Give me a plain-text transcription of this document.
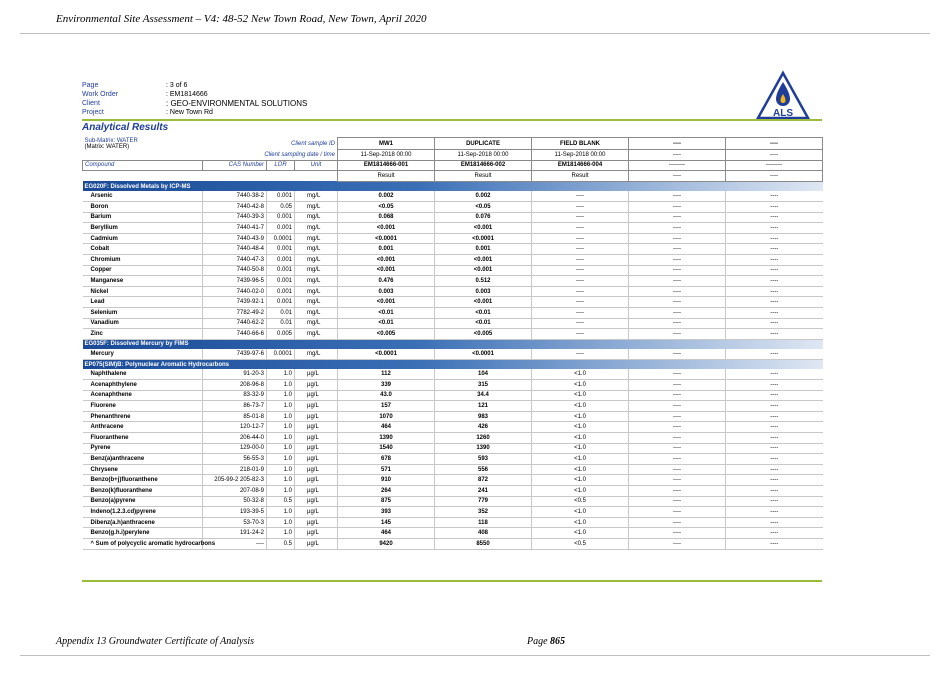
Environmental Site Assessment – V4: 48-52 New Town Road, New Town, April 2020
Page	: 3 of 6
Work Order	: EM1814666
Client	: GEO-ENVIRONMENTAL SOLUTIONS
Project	: New Town Rd	ALS
Analytical Results
Sub-Matrix: WATER
(Matrix: WATER)		Client sample ID		MW1	DUPLICATE	FIELD BLANK	----	----
Client sampling date / time				11-Sep-2018 00:00	11-Sep-2018 00:00	11-Sep-2018 00:00	----	----
Compound	CAS Number	LOR	Unit	EM1814666-001	EM1814666-002	EM1814666-004	--------	--------
				Result	Result	Result	----	----
EG020F: Dissolved Metals by ICP-MS								
Arsenic	7440-38-2	0.001	mg/L	0.002	0.002	----	----	----
Boron	7440-42-8	0.05	mg/L	<0.05	<0.05	----	----	----
Barium	7440-39-3	0.001	mg/L	0.068	0.076	----	----	----
Beryllium	7440-41-7	0.001	mg/L	<0.001	<0.001	----	----	----
Cadmium	7440-43-9	0.0001	mg/L	<0.0001	<0.0001	----	----	----
Cobalt	7440-48-4	0.001	mg/L	0.001	0.001	----	----	----
Chromium	7440-47-3	0.001	mg/L	<0.001	<0.001	----	----	----
Copper	7440-50-8	0.001	mg/L	<0.001	<0.001	----	----	----
Manganese	7439-96-5	0.001	mg/L	0.476	0.512	----	----	----
Nickel	7440-02-0	0.001	mg/L	0.003	0.003	----	----	----
Lead	7439-92-1	0.001	mg/L	<0.001	<0.001	----	----	----
Selenium	7782-49-2	0.01	mg/L	<0.01	<0.01	----	----	----
Vanadium	7440-62-2	0.01	mg/L	<0.01	<0.01	----	----	----
Zinc	7440-66-6	0.005	mg/L	<0.005	<0.005	----	----	----
EG035F: Dissolved Mercury by FIMS								
Mercury	7439-97-6	0.0001	mg/L	<0.0001	<0.0001	----	----	----
EP075(SIM)B: Polynuclear Aromatic Hydrocarbons								
Naphthalene	91-20-3	1.0	µg/L	112	104	<1.0	----	----
Acenaphthylene	208-96-8	1.0	µg/L	339	315	<1.0	----	----
Acenaphthene	83-32-9	1.0	µg/L	43.0	34.4	<1.0	----	----
Fluorene	86-73-7	1.0	µg/L	157	121	<1.0	----	----
Phenanthrene	85-01-8	1.0	µg/L	1070	983	<1.0	----	----
Anthracene	120-12-7	1.0	µg/L	464	426	<1.0	----	----
Fluoranthene	206-44-0	1.0	µg/L	1390	1260	<1.0	----	----
Pyrene	129-00-0	1.0	µg/L	1540	1390	<1.0	----	----
Benz(a)anthracene	56-55-3	1.0	µg/L	678	593	<1.0	----	----
Chrysene	218-01-9	1.0	µg/L	571	556	<1.0	----	----
Benzo(b+j)fluoranthene	205-99-2 205-82-3	1.0	µg/L	910	872	<1.0	----	----
Benzo(k)fluoranthene	207-08-9	1.0	µg/L	264	241	<1.0	----	----
Benzo(a)pyrene	50-32-8	0.5	µg/L	875	779	<0.5	----	----
Indeno(1.2.3.cd)pyrene	193-39-5	1.0	µg/L	393	352	<1.0	----	----
Dibenz(a.h)anthracene	53-70-3	1.0	µg/L	145	118	<1.0	----	----
Benzo(g.h.i)perylene	191-24-2	1.0	µg/L	464	408	<1.0	----	----
^ Sum of polycyclic aromatic hydrocarbons	----	0.5	µg/L	9420	8550	<0.5	----	----
Appendix 13 Groundwater Certificate of Analysis	Page 865
